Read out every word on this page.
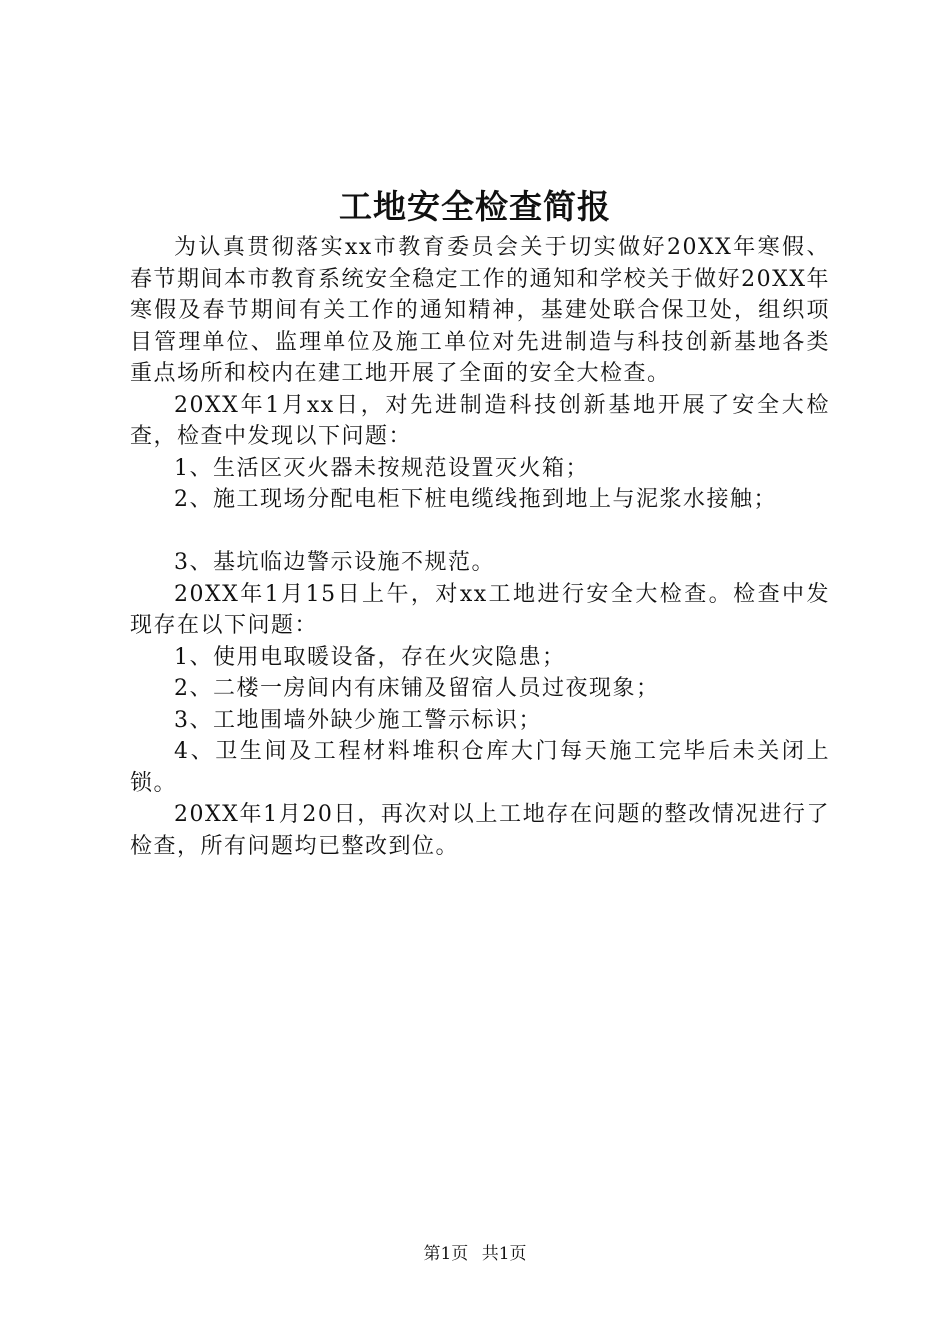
工地安全检查简报

为认真贯彻落实xx市教育委员会关于切实做好20XX年寒假、春节期间本市教育系统安全稳定工作的通知和学校关于做好20XX年寒假及春节期间有关工作的通知精神，基建处联合保卫处，组织项目管理单位、监理单位及施工单位对先进制造与科技创新基地各类重点场所和校内在建工地开展了全面的安全大检查。

20XX年1月xx日，对先进制造科技创新基地开展了安全大检查，检查中发现以下问题：

1、生活区灭火器未按规范设置灭火箱；

2、施工现场分配电柜下桩电缆线拖到地上与泥浆水接触；

3、基坑临边警示设施不规范。

20XX年1月15日上午，对xx工地进行安全大检查。检查中发现存在以下问题：

1、使用电取暖设备，存在火灾隐患；

2、二楼一房间内有床铺及留宿人员过夜现象；

3、工地围墙外缺少施工警示标识；

4、卫生间及工程材料堆积仓库大门每天施工完毕后未关闭上锁。

20XX年1月20日，再次对以上工地存在问题的整改情况进行了检查，所有问题均已整改到位。

第1页 共1页
